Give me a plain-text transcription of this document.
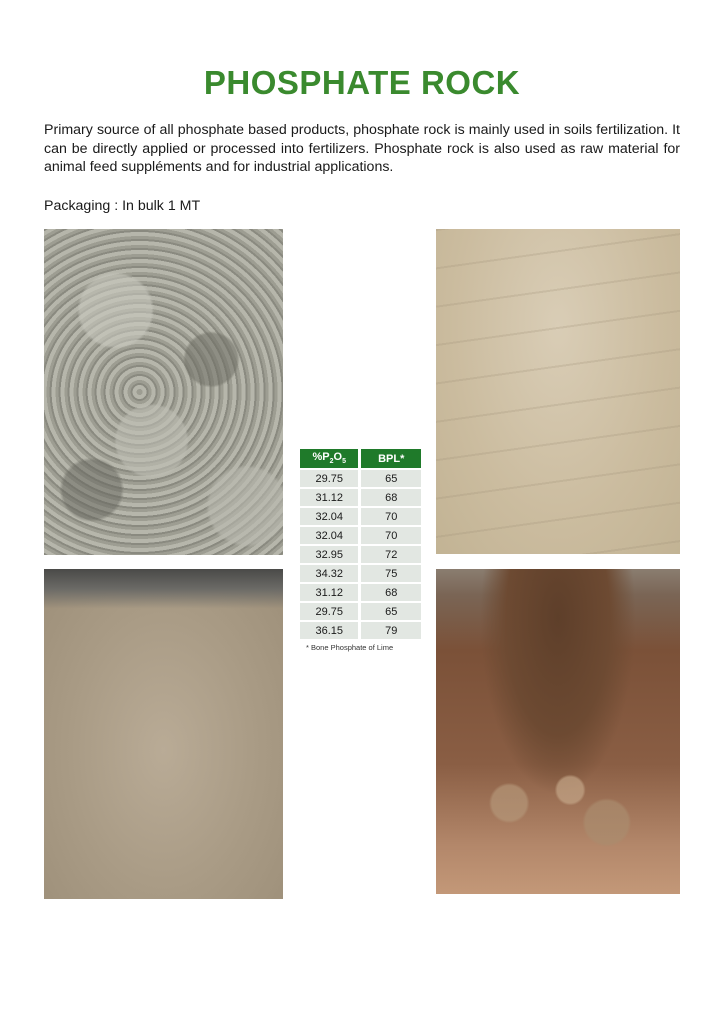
PHOSPHATE ROCK

Primary source of all phosphate based products, phosphate rock is mainly used in soils fertilization. It can be directly applied or processed into fertilizers. Phosphate rock is also used as raw material for animal feed suppléments and for industrial applications.

Packaging : In bulk 1 MT
$\%P_2O_5$	BPL*
29.75	65
31.12	68
32.04	70
32.04	70
32.95	72
34.32	75
31.12	68
29.75	65
36.15	79
* Bone Phosphate of Lime
